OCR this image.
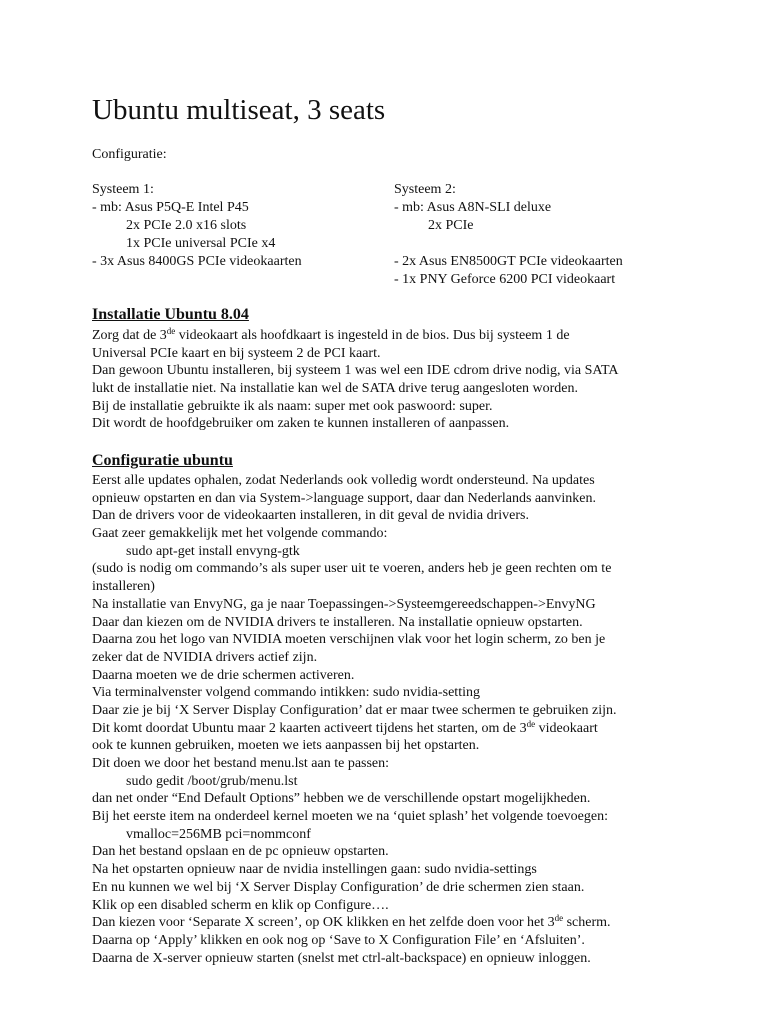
Ubuntu multiseat, 3 seats
Configuratie:
Systeem 1:
- mb: Asus P5Q-E Intel P45
2x PCIe 2.0 x16 slots
1x PCIe universal PCIe x4
- 3x Asus 8400GS PCIe videokaarten
Systeem 2:
- mb: Asus A8N-SLI deluxe
2x PCIe
- 2x Asus EN8500GT PCIe videokaarten
- 1x PNY Geforce 6200 PCI videokaart
Installatie Ubuntu 8.04
Zorg dat de 3de videokaart als hoofdkaart is ingesteld in de bios. Dus bij systeem 1 de
Universal PCIe kaart en bij systeem 2 de PCI kaart.
Dan gewoon Ubuntu installeren, bij systeem 1 was wel een IDE cdrom drive nodig, via SATA
lukt de installatie niet. Na installatie kan wel de SATA drive terug aangesloten worden.
Bij de installatie gebruikte ik als naam: super met ook paswoord: super.
Dit wordt de hoofdgebruiker om zaken te kunnen installeren of aanpassen.
Configuratie ubuntu
Eerst alle updates ophalen, zodat Nederlands ook volledig wordt ondersteund. Na updates
opnieuw opstarten en dan via System->language support, daar dan Nederlands aanvinken.
Dan de drivers voor de videokaarten installeren, in dit geval de nvidia drivers.
Gaat zeer gemakkelijk met het volgende commando:
sudo apt-get install envyng-gtk
(sudo is nodig om commando’s als super user uit te voeren, anders heb je geen rechten om te
installeren)
Na installatie van EnvyNG, ga je naar Toepassingen->Systeemgereedschappen->EnvyNG
Daar dan kiezen om de NVIDIA drivers te installeren. Na installatie opnieuw opstarten.
Daarna zou het logo van NVIDIA moeten verschijnen vlak voor het login scherm, zo ben je
zeker dat de NVIDIA drivers actief zijn.
Daarna moeten we de drie schermen activeren.
Via terminalvenster volgend commando intikken: sudo nvidia-setting
Daar zie je bij ‘X Server Display Configuration’ dat er maar twee schermen te gebruiken zijn.
Dit komt doordat Ubuntu maar 2 kaarten activeert tijdens het starten, om de 3de videokaart
ook te kunnen gebruiken, moeten we iets aanpassen bij het opstarten.
Dit doen we door het bestand menu.lst aan te passen:
sudo gedit /boot/grub/menu.lst
dan net onder “End Default Options” hebben we de verschillende opstart mogelijkheden.
Bij het eerste item na onderdeel kernel moeten we na ‘quiet splash’ het volgende toevoegen:
vmalloc=256MB pci=nommconf
Dan het bestand opslaan en de pc opnieuw opstarten.
Na het opstarten opnieuw naar de nvidia instellingen gaan: sudo nvidia-settings
En nu kunnen we wel bij ‘X Server Display Configuration’ de drie schermen zien staan.
Klik op een disabled scherm en klik op Configure….
Dan kiezen voor ‘Separate X screen’, op OK klikken en het zelfde doen voor het 3de scherm.
Daarna op ‘Apply’ klikken en ook nog op ‘Save to X Configuration File’ en ‘Afsluiten’.
Daarna de X-server opnieuw starten (snelst met ctrl-alt-backspace) en opnieuw inloggen.
